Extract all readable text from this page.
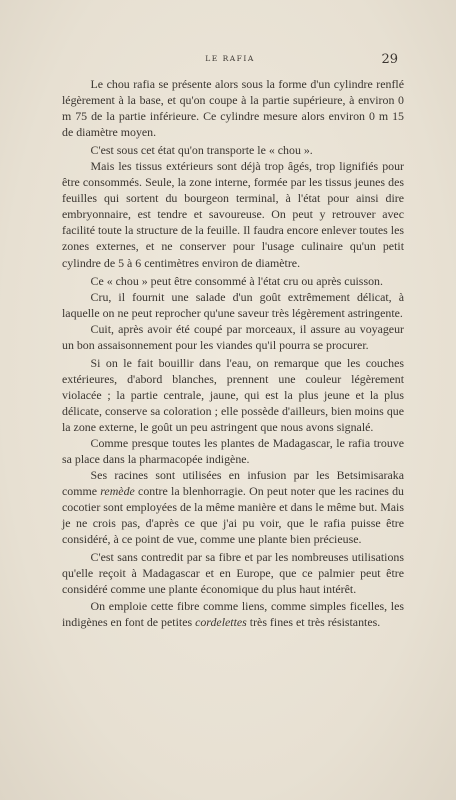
LE RAFIA	29

Le chou rafia se présente alors sous la forme d'un cylindre renflé légèrement à la base, et qu'on coupe à la partie supérieure, à environ 0 m 75 de la partie inférieure. Ce cylindre mesure alors environ 0 m 15 de diamètre moyen.

C'est sous cet état qu'on transporte le « chou ».

Mais les tissus extérieurs sont déjà trop âgés, trop lignifiés pour être consommés. Seule, la zone interne, formée par les tissus jeunes des feuilles qui sortent du bourgeon terminal, à l'état pour ainsi dire embryonnaire, est tendre et savoureuse. On peut y retrouver avec facilité toute la structure de la feuille. Il faudra encore enlever toutes les zones externes, et ne conserver pour l'usage culinaire qu'un petit cylindre de 5 à 6 centimètres environ de diamètre.

Ce « chou » peut être consommé à l'état cru ou après cuisson.

Cru, il fournit une salade d'un goût extrêmement délicat, à laquelle on ne peut reprocher qu'une saveur très légèrement astringente.

Cuit, après avoir été coupé par morceaux, il assure au voyageur un bon assaisonnement pour les viandes qu'il pourra se procurer.

Si on le fait bouillir dans l'eau, on remarque que les couches extérieures, d'abord blanches, prennent une couleur légèrement violacée ; la partie centrale, jaune, qui est la plus jeune et la plus délicate, conserve sa coloration ; elle possède d'ailleurs, bien moins que la zone externe, le goût un peu astringent que nous avons signalé.

Comme presque toutes les plantes de Madagascar, le rafia trouve sa place dans la pharmacopée indigène.

Ses racines sont utilisées en infusion par les Betsimisaraka comme remède contre la blenhorragie. On peut noter que les racines du cocotier sont employées de la même manière et dans le même but. Mais je ne crois pas, d'après ce que j'ai pu voir, que le rafia puisse être considéré, à ce point de vue, comme une plante bien précieuse.

C'est sans contredit par sa fibre et par les nombreuses utilisations qu'elle reçoit à Madagascar et en Europe, que ce palmier peut être considéré comme une plante économique du plus haut intérêt.

On emploie cette fibre comme liens, comme simples ficelles, les indigènes en font de petites cordelettes très fines et très résistantes.
